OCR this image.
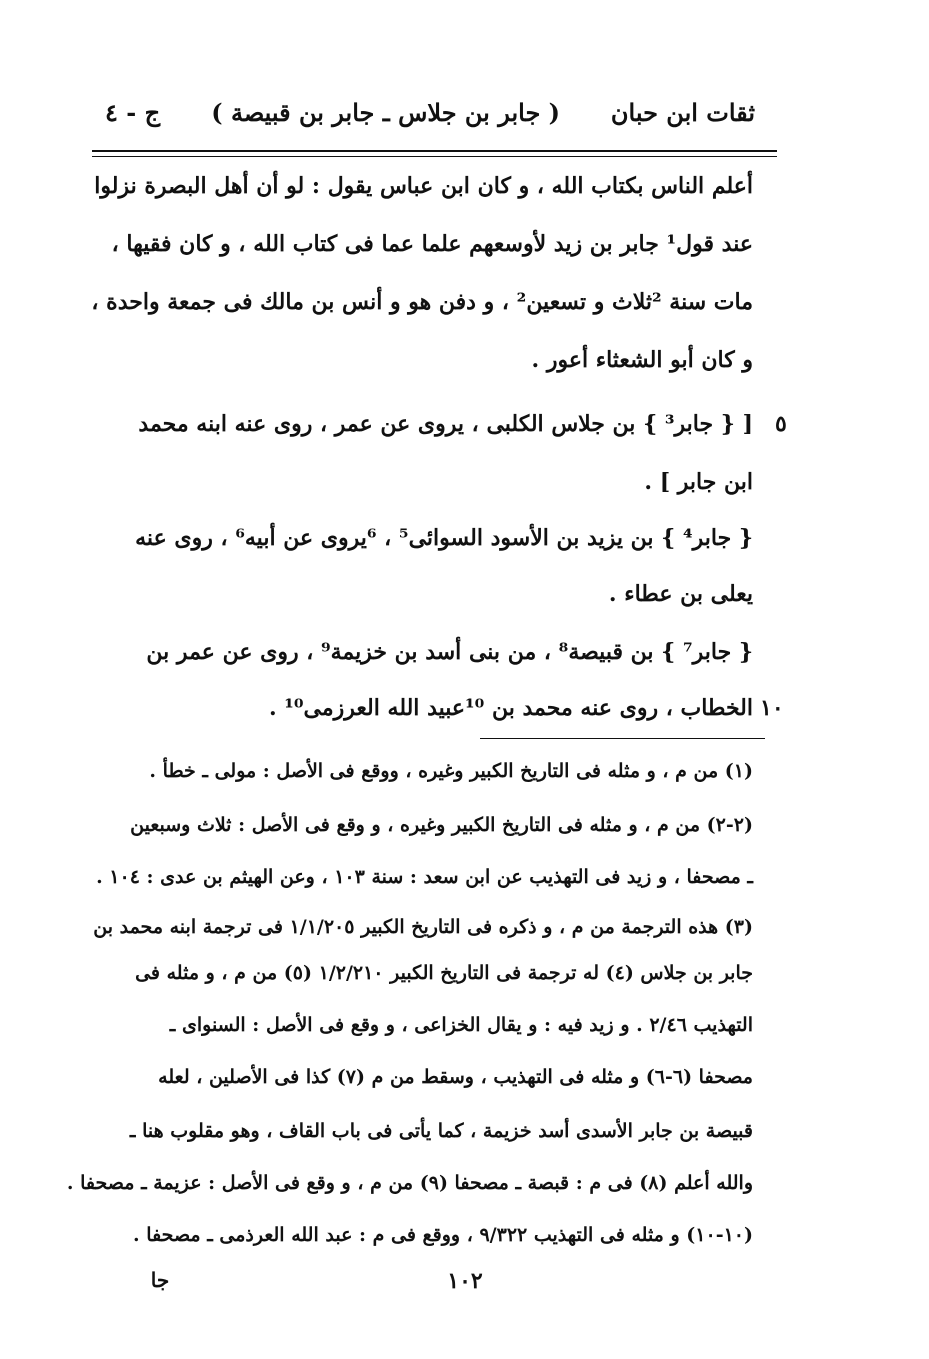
ثقات ابن حبان
( جابر بن جلاس ـ جابر بن قبيصة )
ج - ٤
أعلم الناس بكتاب الله ، و كان ابن عباس يقول : لو أن أهل البصرة نزلوا
عند قول¹ جابر بن زيد لأوسعهم علما عما فى كتاب الله ، و كان فقيها ،
مات سنة ²ثلاث و تسعين² ، و دفن هو و أنس بن مالك فى جمعة واحدة ،
و كان أبو الشعثاء أعور .
[ { جابر³ } بن جلاس الكلبى ، يروى عن عمر ، روى عنه ابنه محمد
ابن جابر ] .
{ جابر⁴ } بن يزيد بن الأسود السوائى⁵ ، ⁶يروى عن أبيه⁶ ، روى عنه
يعلى بن عطاء .
{ جابر⁷ } بن قبيصة⁸ ، من بنى أسد بن خزيمة⁹ ، روى عن عمر بن
الخطاب ، روى عنه محمد بن ¹⁰عبيد الله العرزمى¹⁰ .
٥
١٠
(١) من م ، و مثله فى التاريخ الكبير وغيره ، ووقع فى الأصل : مولى ـ خطأ .
(٢-٢) من م ، و مثله فى التاريخ الكبير وغيره ، و وقع فى الأصل : ثلاث وسبعين
ـ مصحفا ، و زيد فى التهذيب عن ابن سعد : سنة ١٠٣ ، وعن الهيثم بن عدى : ١٠٤ .
(٣) هذه الترجمة من م ، و ذكره فى التاريخ الكبير ١/١/٢٠٥ فى ترجمة ابنه محمد بن
جابر بن جلاس (٤) له ترجمة فى التاريخ الكبير ١/٢/٢١٠ (٥) من م ، و مثله فى
التهذيب ٢/٤٦ . و زيد فيه : و يقال الخزاعى ، و وقع فى الأصل : السنواى ـ
مصحفا (٦-٦) و مثله فى التهذيب ، وسقط من م (٧) كذا فى الأصلين ، لعله
قبيصة بن جابر الأسدى أسد خزيمة ، كما يأتى فى باب القاف ، وهو مقلوب هنا ـ
والله أعلم (٨) فى م : قبصة ـ مصحفا (٩) من م ، و وقع فى الأصل : عزيمة ـ مصحفا .
(١٠-١٠) و مثله فى التهذيب ٩/٣٢٢ ، ووقع فى م : عبد الله العرذمى ـ مصحفا .
١٠٢
جا
